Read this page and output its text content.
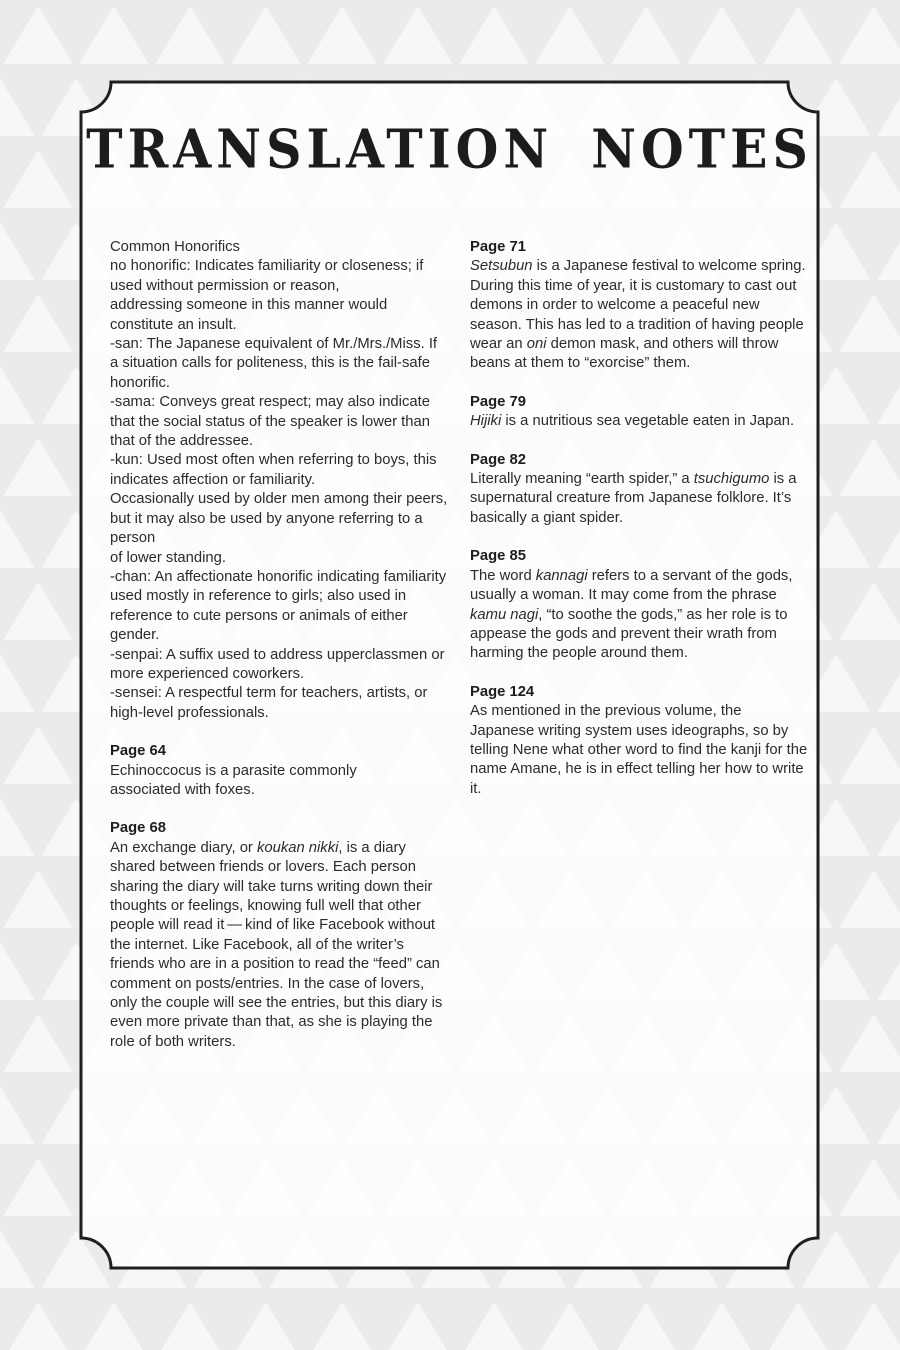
TRANSLATION NOTES
Common Honorifics

no honorific: Indicates familiarity or closeness; if used without permission or reason,

addressing someone in this manner would constitute an insult.

-san: The Japanese equivalent of Mr./Mrs./Miss. If a situation calls for politeness, this is the fail-safe honorific.

-sama: Conveys great respect; may also indicate that the social status of the speaker is lower than that of the addressee.

-kun: Used most often when referring to boys, this indicates affection or familiarity.

Occasionally used by older men among their peers, but it may also be used by anyone referring to a person

of lower standing.

-chan: An affectionate honorific indicating familiarity used mostly in reference to girls; also used in reference to cute persons or animals of either gender.

-senpai: A suffix used to address upperclassmen or more experienced coworkers.

-sensei: A respectful term for teachers, artists, or high-level professionals.

Page 64

Echinoccocus is a parasite commonly

associated with foxes.

Page 68

An exchange diary, or koukan nikki, is a diary shared between friends or lovers. Each person sharing the diary will take turns writing down their thoughts or feelings, knowing full well that other people will read it — kind of like Facebook without the internet. Like Facebook, all of the writer’s friends who are in a position to read the “feed” can comment on posts/entries. In the case of lovers, only the couple will see the entries, but this diary is even more private than that, as she is playing the role of both writers.

Page 71

Setsubun is a Japanese festival to welcome spring. During this time of year, it is customary to cast out demons in order to welcome a peaceful new season. This has led to a tradition of having people wear an oni demon mask, and others will throw beans at them to “exorcise” them.

Page 79

Hijiki is a nutritious sea vegetable eaten in Japan.

Page 82

Literally meaning “earth spider,” a tsuchigumo is a supernatural creature from Japanese folklore. It’s basically a giant spider.

Page 85

The word kannagi refers to a servant of the gods, usually a woman. It may come from the phrase kamu nagi, “to soothe the gods,” as her role is to appease the gods and prevent their wrath from harming the people around them.

Page 124

As mentioned in the previous volume, the Japanese writing system uses ideographs, so by telling Nene what other word to find the kanji for the name Amane, he is in effect telling her how to write it.
